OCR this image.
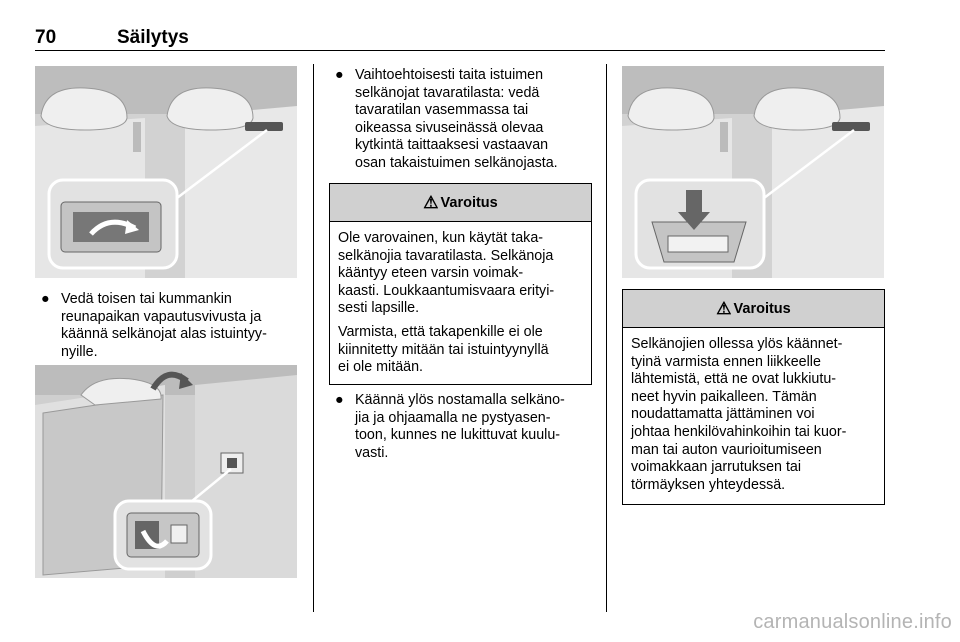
70	Säilytys
● Vedä toisen tai kummankin
reunapaikan vapautusvivusta ja
käännä selkänojat alas istuintyy-
nyille.
● Vaihtoehtoisesti taita istuimen
selkänojat tavaratilasta: vedä
tavaratilan vasemmassa tai
oikeassa sivuseinässä olevaa
kytkintä taittaaksesi vastaavan
osan takaistuimen selkänojasta.
⚠ Varoitus

Ole varovainen, kun käytät taka-
selkänojia tavaratilasta. Selkänoja
kääntyy eteen varsin voimak-
kaasti. Loukkaantumisvaara erityi-
sesti lapsille.

Varmista, että takapenkille ei ole
kiinnitetty mitään tai istuintyynyllä
ei ole mitään.

● Käännä ylös nostamalla selkäno-
jia ja ohjaamalla ne pystyasen-
toon, kunnes ne lukittuvat kuulu-
vasti.
⚠ Varoitus

Selkänojien ollessa ylös käännet-
tyinä varmista ennen liikkeelle
lähtemistä, että ne ovat lukkiutu-
neet hyvin paikalleen. Tämän
noudattamatta jättäminen voi
johtaa henkilövahinkoihin tai kuor-
man tai auton vaurioitumiseen
voimakkaan jarrutuksen tai
törmäyksen yhteydessä.

carmanualsonline.info
